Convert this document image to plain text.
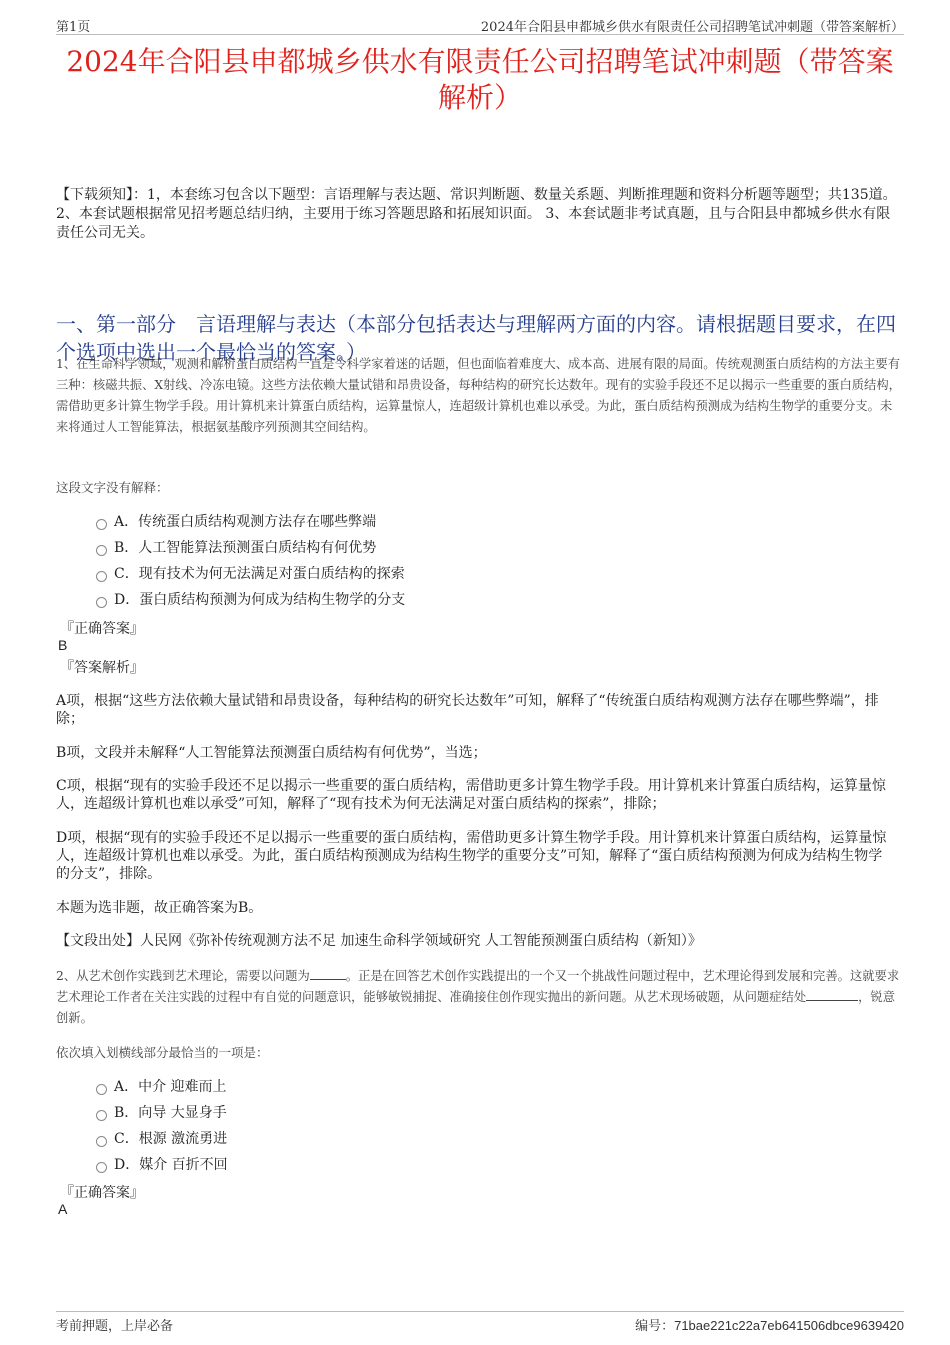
第1页	2024年合阳县申都城乡供水有限责任公司招聘笔试冲刺题（带答案解析）
2024年合阳县申都城乡供水有限责任公司招聘笔试冲刺题（带答案解析）
【下载须知】：1，本套练习包含以下题型：言语理解与表达题、常识判断题、数量关系题、判断推理题和资料分析题等题型；共135道。 2、本套试题根据常见招考题总结归纳，主要用于练习答题思路和拓展知识面。 3、本套试题非考试真题，且与合阳县申都城乡供水有限责任公司无关。
一、第一部分　言语理解与表达（本部分包括表达与理解两方面的内容。请根据题目要求，在四个选项中选出一个最恰当的答案。）
1、在生命科学领域，观测和解析蛋白质结构一直是令科学家着迷的话题，但也面临着难度大、成本高、进展有限的局面。传统观测蛋白质结构的方法主要有三种：核磁共振、X射线、冷冻电镜。这些方法依赖大量试错和昂贵设备，每种结构的研究长达数年。现有的实验手段还不足以揭示一些重要的蛋白质结构，需借助更多计算生物学手段。用计算机来计算蛋白质结构，运算量惊人，连超级计算机也难以承受。为此，蛋白质结构预测成为结构生物学的重要分支。未来将通过人工智能算法，根据氨基酸序列预测其空间结构。
这段文字没有解释：
A．传统蛋白质结构观测方法存在哪些弊端
B．人工智能算法预测蛋白质结构有何优势
C．现有技术为何无法满足对蛋白质结构的探索
D．蛋白质结构预测为何成为结构生物学的分支
『正确答案』
B
『答案解析』
A项，根据“这些方法依赖大量试错和昂贵设备，每种结构的研究长达数年”可知，解释了“传统蛋白质结构观测方法存在哪些弊端”，排除；
B项，文段并未解释“人工智能算法预测蛋白质结构有何优势”，当选；
C项，根据“现有的实验手段还不足以揭示一些重要的蛋白质结构，需借助更多计算生物学手段。用计算机来计算蛋白质结构，运算量惊人，连超级计算机也难以承受”可知，解释了“现有技术为何无法满足对蛋白质结构的探索”，排除；
D项，根据“现有的实验手段还不足以揭示一些重要的蛋白质结构，需借助更多计算生物学手段。用计算机来计算蛋白质结构，运算量惊人，连超级计算机也难以承受。为此，蛋白质结构预测成为结构生物学的重要分支”可知，解释了“蛋白质结构预测为何成为结构生物学的分支”，排除。
本题为选非题，故正确答案为B。
【文段出处】人民网《弥补传统观测方法不足 加速生命科学领域研究 人工智能预测蛋白质结构（新知）》
2、从艺术创作实践到艺术理论，需要以问题为	。正是在回答艺术创作实践提出的一个又一个挑战性问题过程中，艺术理论得到发展和完善。这就要求艺术理论工作者在关注实践的过程中有自觉的问题意识，能够敏锐捕捉、准确接住创作现实抛出的新问题。从艺术现场破题，从问题症结处	，锐意创新。
依次填入划横线部分最恰当的一项是：
A．中介 迎难而上
B．向导 大显身手
C．根源 激流勇进
D．媒介 百折不回
『正确答案』
A
考前押题，上岸必备	编号：71bae221c22a7eb641506dbce9639420
